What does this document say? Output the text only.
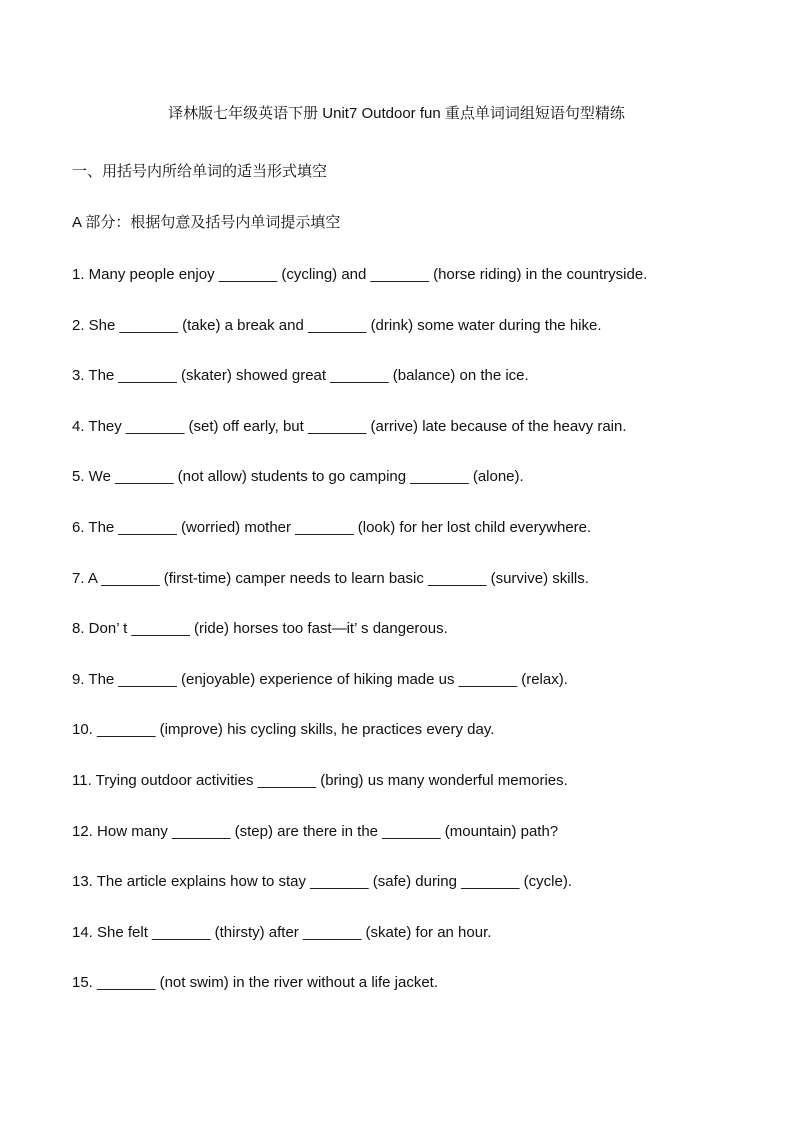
译林版七年级英语下册 Unit7 Outdoor fun 重点单词词组短语句型精练
一、用括号内所给单词的适当形式填空
A 部分：根据句意及括号内单词提示填空

1. Many people enjoy _______ (cycling) and _______ (horse riding) in the countryside.

2. She _______ (take) a break and _______ (drink) some water during the hike.

3. The _______ (skater) showed great _______ (balance) on the ice.

4. They _______ (set) off early, but _______ (arrive) late because of the heavy rain.

5. We _______ (not allow) students to go camping _______ (alone).

6. The _______ (worried) mother _______ (look) for her lost child everywhere.

7. A _______ (first-time) camper needs to learn basic _______ (survive) skills.

8. Don’ t _______ (ride) horses too fast—it’ s dangerous.

9. The _______ (enjoyable) experience of hiking made us _______ (relax).

10. _______ (improve) his cycling skills, he practices every day.

11. Trying outdoor activities _______ (bring) us many wonderful memories.

12. How many _______ (step) are there in the _______ (mountain) path?

13. The article explains how to stay _______ (safe) during _______ (cycle).

14. She felt _______ (thirsty) after _______ (skate) for an hour.

15. _______ (not swim) in the river without a life jacket.
